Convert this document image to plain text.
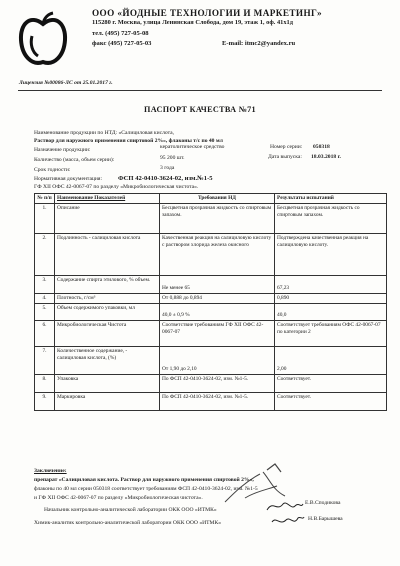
ООО «ЙОДНЫЕ ТЕХНОЛОГИИ И МАРКЕТИНГ»
115280 г. Москва, улица Ленинская Слобода, дом 19, этаж 1, оф. 41х1д
тел. (495) 727-05-08
факс (495) 727-05-03	E-mail: itmc2@yandex.ru
Лицензия №00086-ЛС от 25.01.2017 г.
ПАСПОРТ КАЧЕСТВА №71
Наименование продукции по НТД: «Салициловая кислота,
Раствор для наружного применения спиртовой 2%», флаконы т/с по 40 мл
Назначение продукции:	кератолитическое средство	Номер серии: 050318
Количество (масса, объем серии):	95 200 шт.	Дата выпуска: 18.03.2018 г.
Срок годности:	3 года
Нормативная документация: ФСП 42-0410-3624-02, изм.№1-5
ГФ XII ОФС 42-0067-07 по разделу «Микробиологическая чистота».
№ п/п	Наименование Показателей	Требования НД	Результаты испытаний
1.	Описание	Бесцветная прозрачная жидкость со спиртовым запахом.	Бесцветная прозрачная жидкость со спиртовым запахом.
2.	Подлинность - салициловая кислота	Качественная реакция на салициловую кислоту с раствором хлорида железа окисного	Подтверждена качественная реакция на салициловую кислоту.
3.	Содержание спирта этилового, % объем.	Не менее 65	67,23
4.	Плотность, г/см³	От 0,888 до 0,894	0,890
5.	Объем содержимого упаковки, мл	40,0 ± 0,9 %	40,0
6.	Микробиологическая Чистота	Соответствие требованиям ГФ XII ОФС 42-0067-07	Соответствует требованиям ОФС 42-0067-07 по категории 2
7.	Количественное содержание, - салициловая кислота, (%)	От 1,90 до 2,10	2,00
8.	Упаковка	По ФСП 42-0410-3624-02, изм. №1-5.	Соответствует.
9.	Маркировка	По ФСП 42-0410-3624-02, изм. №1-5.	Соответствует.
Заключение:
препарат «Салициловая кислота. Раствор для наружного применения спиртовой 2%»,
флаконы по 40 мл серии 050318 соответствует требованиям ФСП 42-0410-3624-02, изм. №1-5
и ГФ XII ОФС 42-0067-07 по разделу «Микробиологическая чистота».
Начальник контрольно-аналитической лаборатории ОКК ООО «ИТМК»
Е.В.Сподикова
Химик-аналитик контрольно-аналитической лаборатории ОКК ООО «ИТМК»
Н.В.Барышева
